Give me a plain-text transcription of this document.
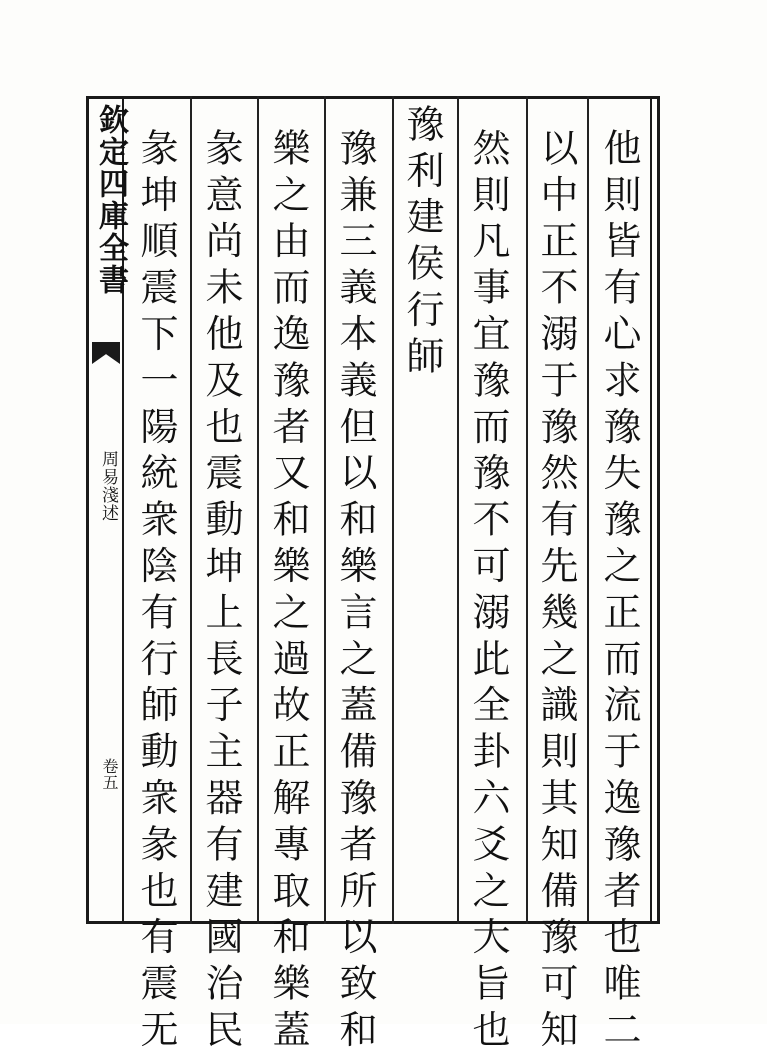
欽定四庫全書
周易淺述
卷五	他則皆有心求豫失豫之正而流于逸豫者也唯二
以中正不溺于豫然有先幾之識則其知備豫可知
然則凡事宜豫而豫不可溺此全卦六爻之大旨也
豫利建侯行師
豫兼三義本義但以和樂言之蓋備豫者所以致和
樂之由而逸豫者又和樂之過故正解專取和樂蓋
彖意尚未他及也震動坤上長子主器有建國治民
彖坤順震下一陽統衆陰有行師動衆彖也有震无
